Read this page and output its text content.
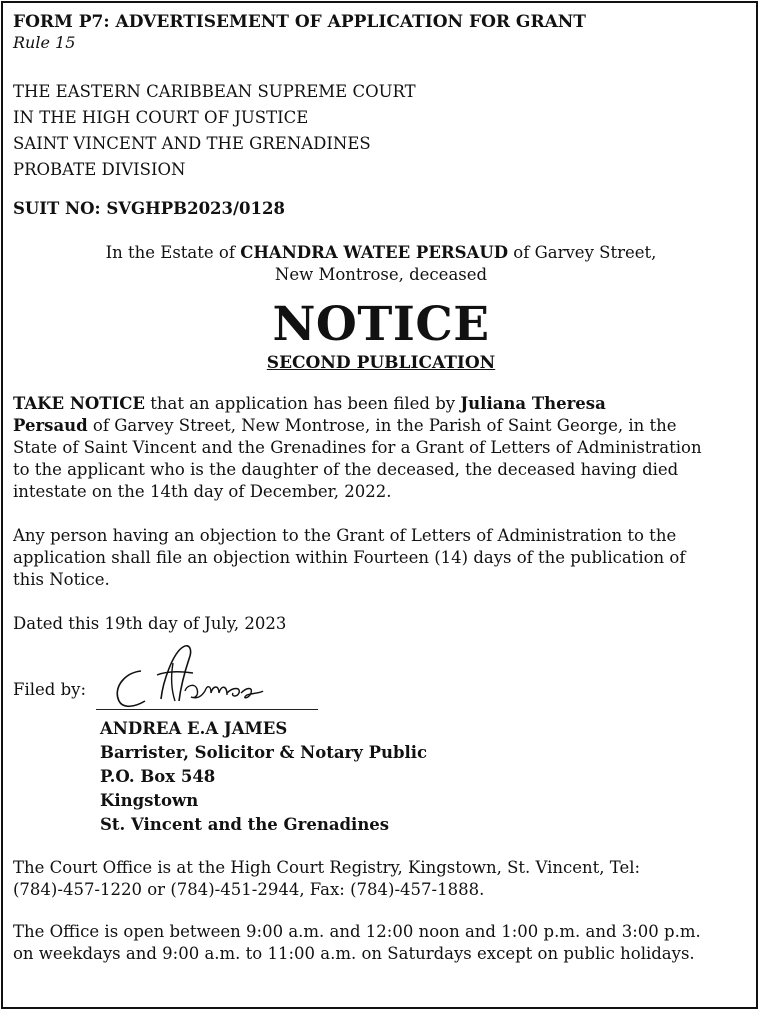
FORM P7: ADVERTISEMENT OF APPLICATION FOR GRANT

Rule 15

THE EASTERN CARIBBEAN SUPREME COURT

IN THE HIGH COURT OF JUSTICE

SAINT VINCENT AND THE GRENADINES

PROBATE DIVISION

SUIT NO: SVGHPB2023/0128

In the Estate of CHANDRA WATEE PERSAUD of Garvey Street,

New Montrose, deceased

NOTICE

SECOND PUBLICATION

TAKE NOTICE that an application has been filed by Juliana Theresa

Persaud of Garvey Street, New Montrose, in the Parish of Saint George, in the

State of Saint Vincent and the Grenadines for a Grant of Letters of Administration

to the applicant who is the daughter of the deceased, the deceased having died

intestate on the 14th day of December, 2022.

Any person having an objection to the Grant of Letters of Administration to the

application shall file an objection within Fourteen (14) days of the publication of

this Notice.

Dated this 19th day of July, 2023

Filed by:

ANDREA E.A JAMES

Barrister, Solicitor & Notary Public

P.O. Box 548

Kingstown

St. Vincent and the Grenadines

The Court Office is at the High Court Registry, Kingstown, St. Vincent, Tel:

(784)-457-1220 or (784)-451-2944, Fax: (784)-457-1888.

The Office is open between 9:00 a.m. and 12:00 noon and 1:00 p.m. and 3:00 p.m.

on weekdays and 9:00 a.m. to 11:00 a.m. on Saturdays except on public holidays.
